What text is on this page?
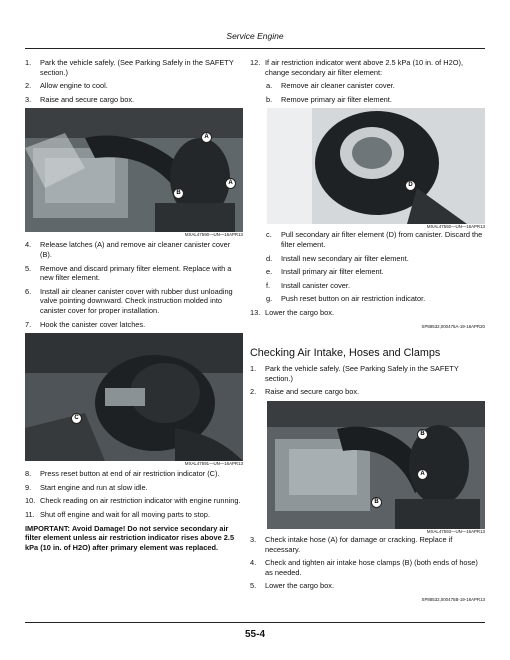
Service Engine
1.	Park the vehicle safely. (See Parking Safely in the SAFETY section.)
2.	Allow engine to cool.
3.	Raise and secure cargo box.
A
A
B
MXAL47590—UN—16APR13
4.	Release latches (A) and remove air cleaner canister cover (B).
5.	Remove and discard primary filter element. Replace with a new filter element.
6.	Install air cleaner canister cover with rubber dust unloading valve pointing downward. Check instruction molded into canister cover for proper installation.
7.	Hook the canister cover latches.
C
MXAL47591—UN—16APR13
8.	Press reset button at end of air restriction indicator (C).
9.	Start engine and run at slow idle.
10. Check reading on air restriction indicator with engine running.
11. Shut off engine and wait for all moving parts to stop.
IMPORTANT: Avoid Damage! Do not service secondary air filter element unless air restriction indicator rises above 2.5 kPa (10 in. of H2O) after primary element was replaced.
12. If air restriction indicator went above 2.5 kPa (10 in. of H2O), change secondary air filter element:
a.	Remove air cleaner canister cover.
b.	Remove primary air filter element.
D
MXAL47592—UN—16APR13
c.	Pull secondary air filter element (D) from canister. Discard the filter element.
d.	Install new secondary air filter element.
e.	Install primary air filter element.
f.	Install canister cover.
g.	Push reset button on air restriction indicator.
13. Lower the cargo box.
SP88532,000475A-19-18APR20
Checking Air Intake, Hoses and Clamps
1.	Park the vehicle safely. (See Parking Safely in the SAFETY section.)
2.	Raise and secure cargo box.
B
A
B
MXAL47593—UN—16APR13
3.	Check intake hose (A) for damage or cracking. Replace if necessary.
4.	Check and tighten air intake hose clamps (B) (both ends of hose) as needed.
5.	Lower the cargo box.
SP88532,000475B-19-18APR13
55-4
